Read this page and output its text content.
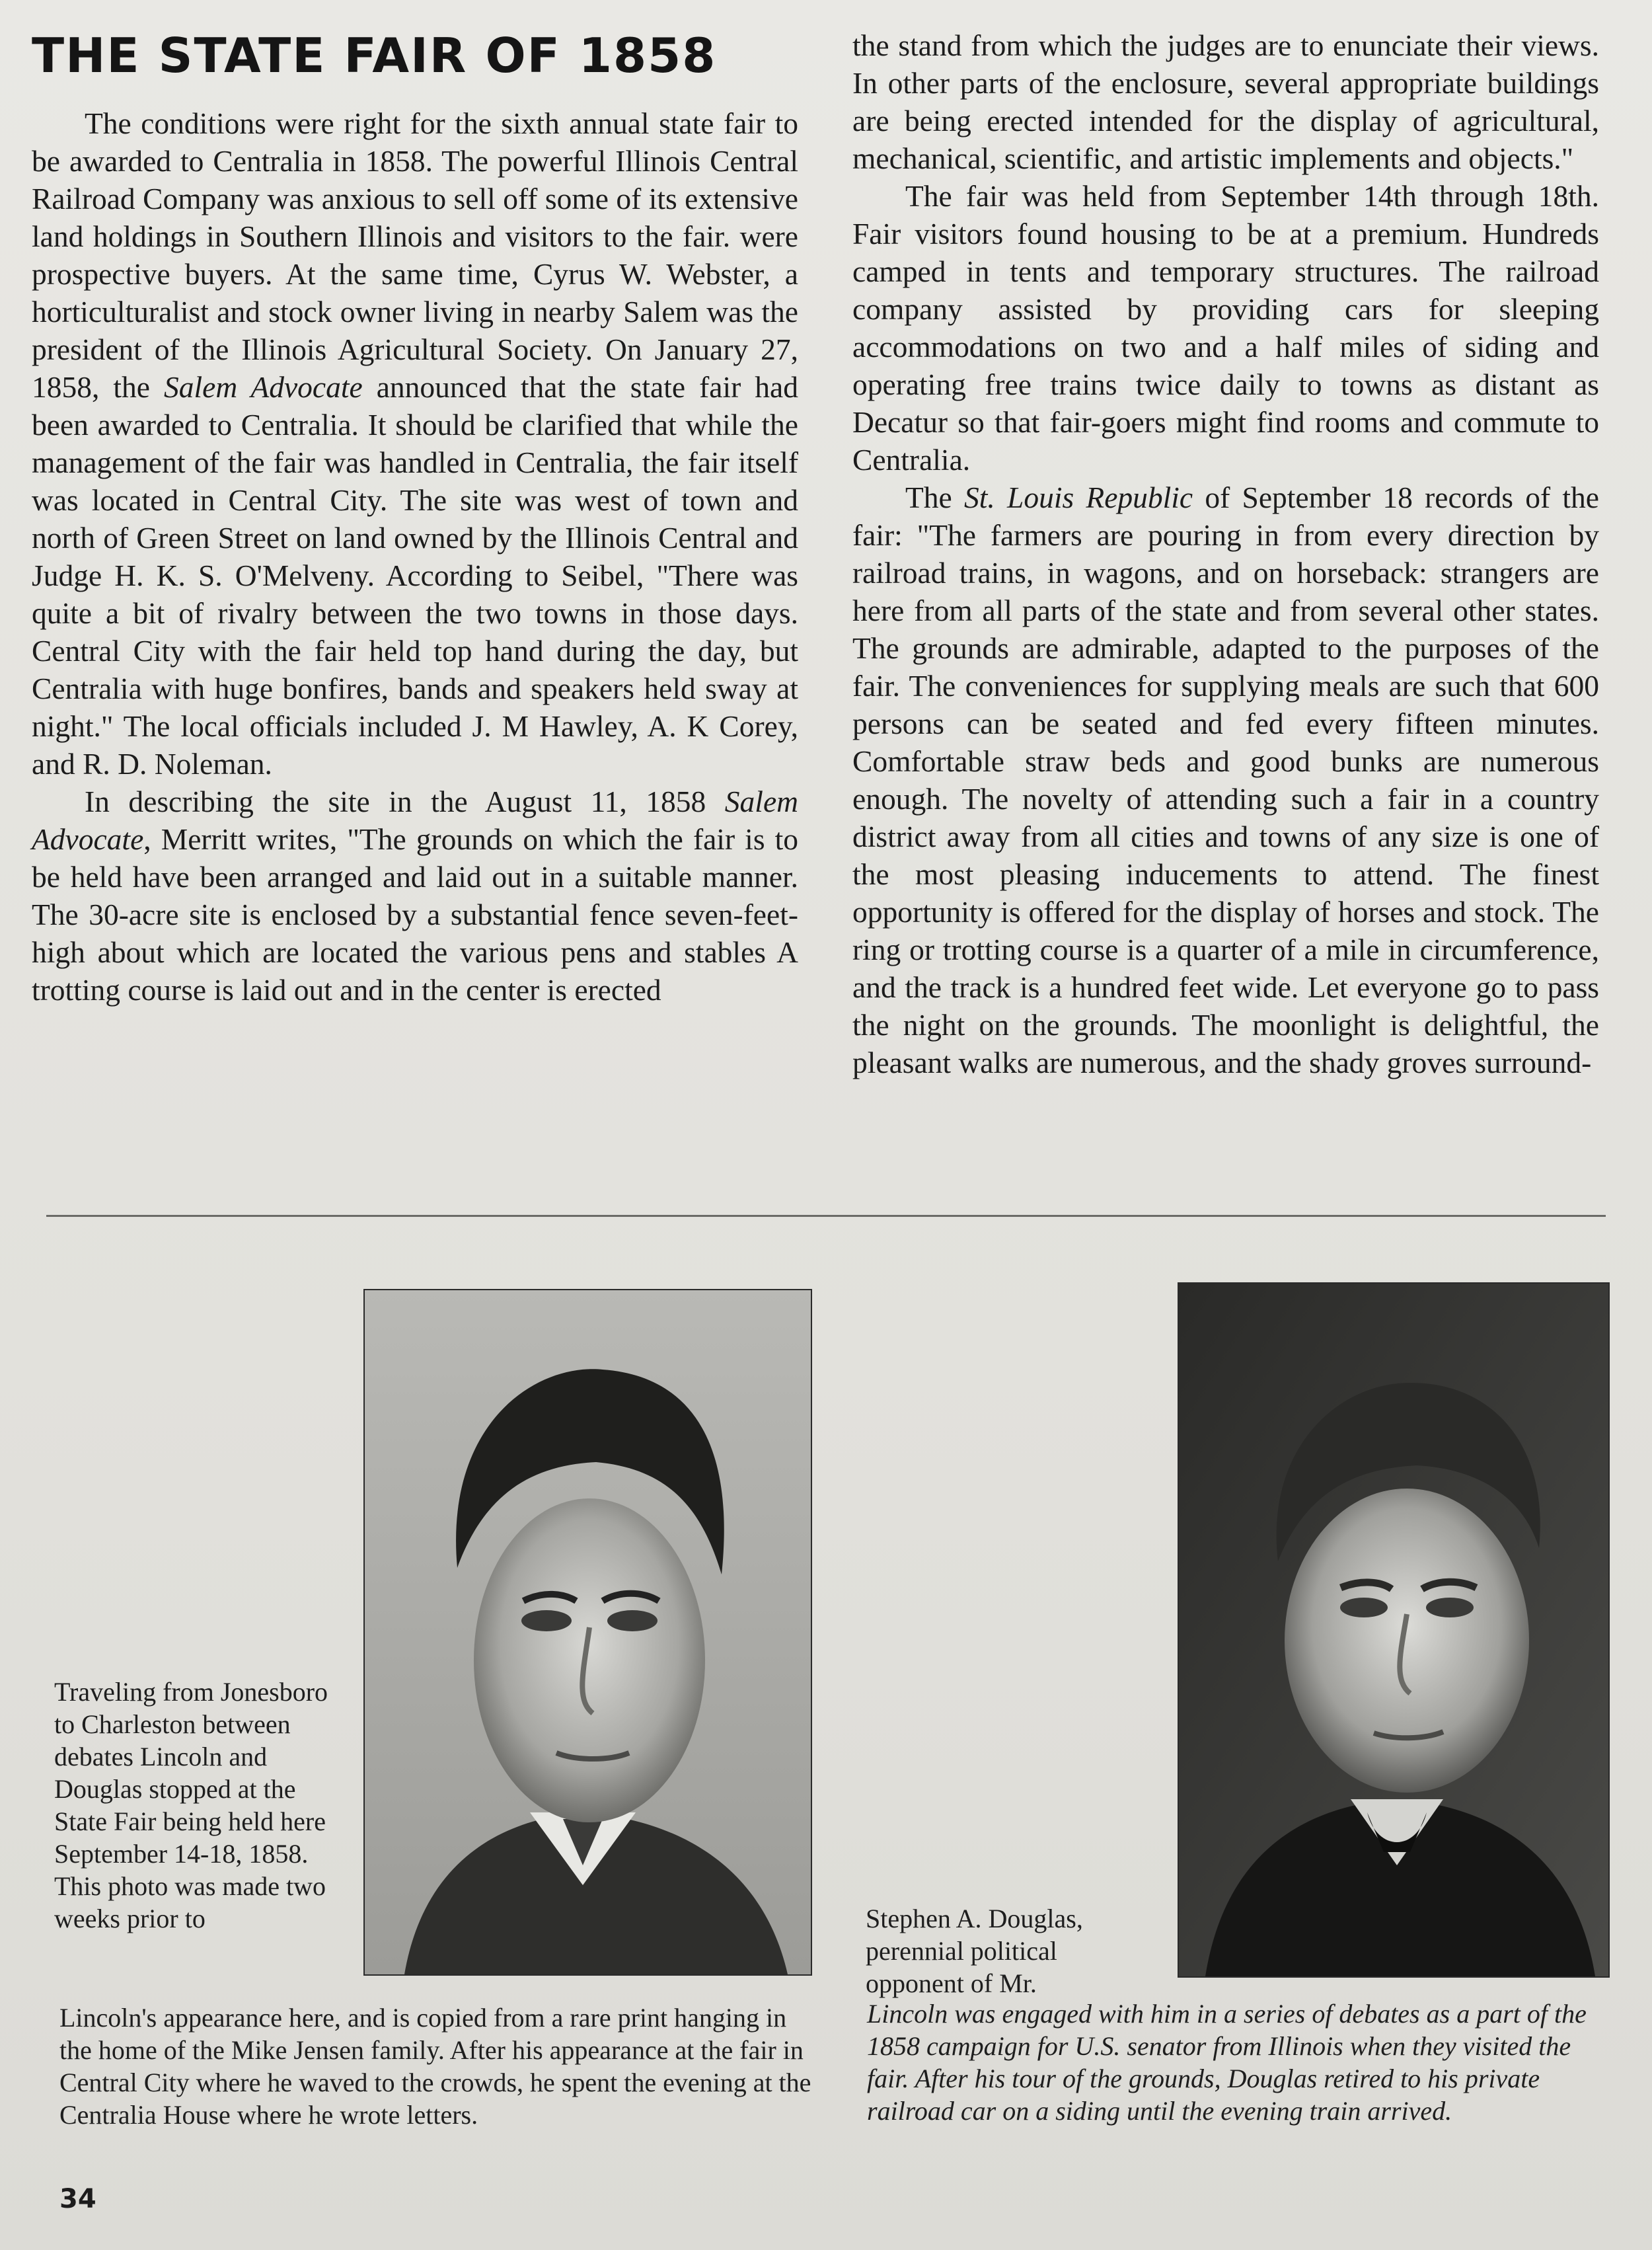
THE STATE FAIR OF 1858

The conditions were right for the sixth annual state fair to be awarded to Centralia in 1858. The powerful Illinois Central Railroad Company was anxious to sell off some of its extensive land holdings in Southern Illinois and visitors to the fair. were prospective buyers. At the same time, Cyrus W. Webster, a horticulturalist and stock owner living in nearby Salem was the president of the Illinois Agricultural Society. On January 27, 1858, the Salem Advocate announced that the state fair had been awarded to Centralia. It should be clarified that while the management of the fair was handled in Centralia, the fair itself was located in Central City. The site was west of town and north of Green Street on land owned by the Illinois Central and Judge H. K. S. O'Melveny. According to Seibel, "There was quite a bit of rivalry between the two towns in those days. Central City with the fair held top hand during the day, but Centralia with huge bonfires, bands and speakers held sway at night." The local officials included J. M Hawley, A. K Corey, and R. D. Noleman.

In describing the site in the August 11, 1858 Salem Advocate, Merritt writes, "The grounds on which the fair is to be held have been arranged and laid out in a suitable manner. The 30-acre site is enclosed by a substantial fence seven-feet-high about which are located the various pens and stables A trotting course is laid out and in the center is erected

the stand from which the judges are to enunciate their views. In other parts of the enclosure, several appropriate buildings are being erected intended for the display of agricultural, mechanical, scientific, and artistic implements and objects."

The fair was held from September 14th through 18th. Fair visitors found housing to be at a premium. Hundreds camped in tents and temporary structures. The railroad company assisted by providing cars for sleeping accommodations on two and a half miles of siding and operating free trains twice daily to towns as distant as Decatur so that fair-goers might find rooms and commute to Centralia.

The St. Louis Republic of September 18 records of the fair: "The farmers are pouring in from every direction by railroad trains, in wagons, and on horseback: strangers are here from all parts of the state and from several other states. The grounds are admirable, adapted to the purposes of the fair. The conveniences for supplying meals are such that 600 persons can be seated and fed every fifteen minutes. Comfortable straw beds and good bunks are numerous enough. The novelty of attending such a fair in a country district away from all cities and towns of any size is one of the most pleasing inducements to attend. The finest opportunity is offered for the display of horses and stock. The ring or trotting course is a quarter of a mile in circumference, and the track is a hundred feet wide. Let everyone go to pass the night on the grounds. The moonlight is delightful, the pleasant walks are numerous, and the shady groves surround-

Traveling from Jonesboro to Charleston between debates Lincoln and Douglas stopped at the State Fair being held here September 14-18, 1858. This photo was made two weeks prior to
Lincoln's appearance here, and is copied from a rare print hanging in the home of the Mike Jensen family. After his appearance at the fair in Central City where he waved to the crowds, he spent the evening at the Centralia House where he wrote letters.
Stephen A. Douglas, perennial political opponent of Mr.
Lincoln was engaged with him in a series of debates as a part of the 1858 campaign for U.S. senator from Illinois when they visited the fair. After his tour of the grounds, Douglas retired to his private railroad car on a siding until the evening train arrived.
34
